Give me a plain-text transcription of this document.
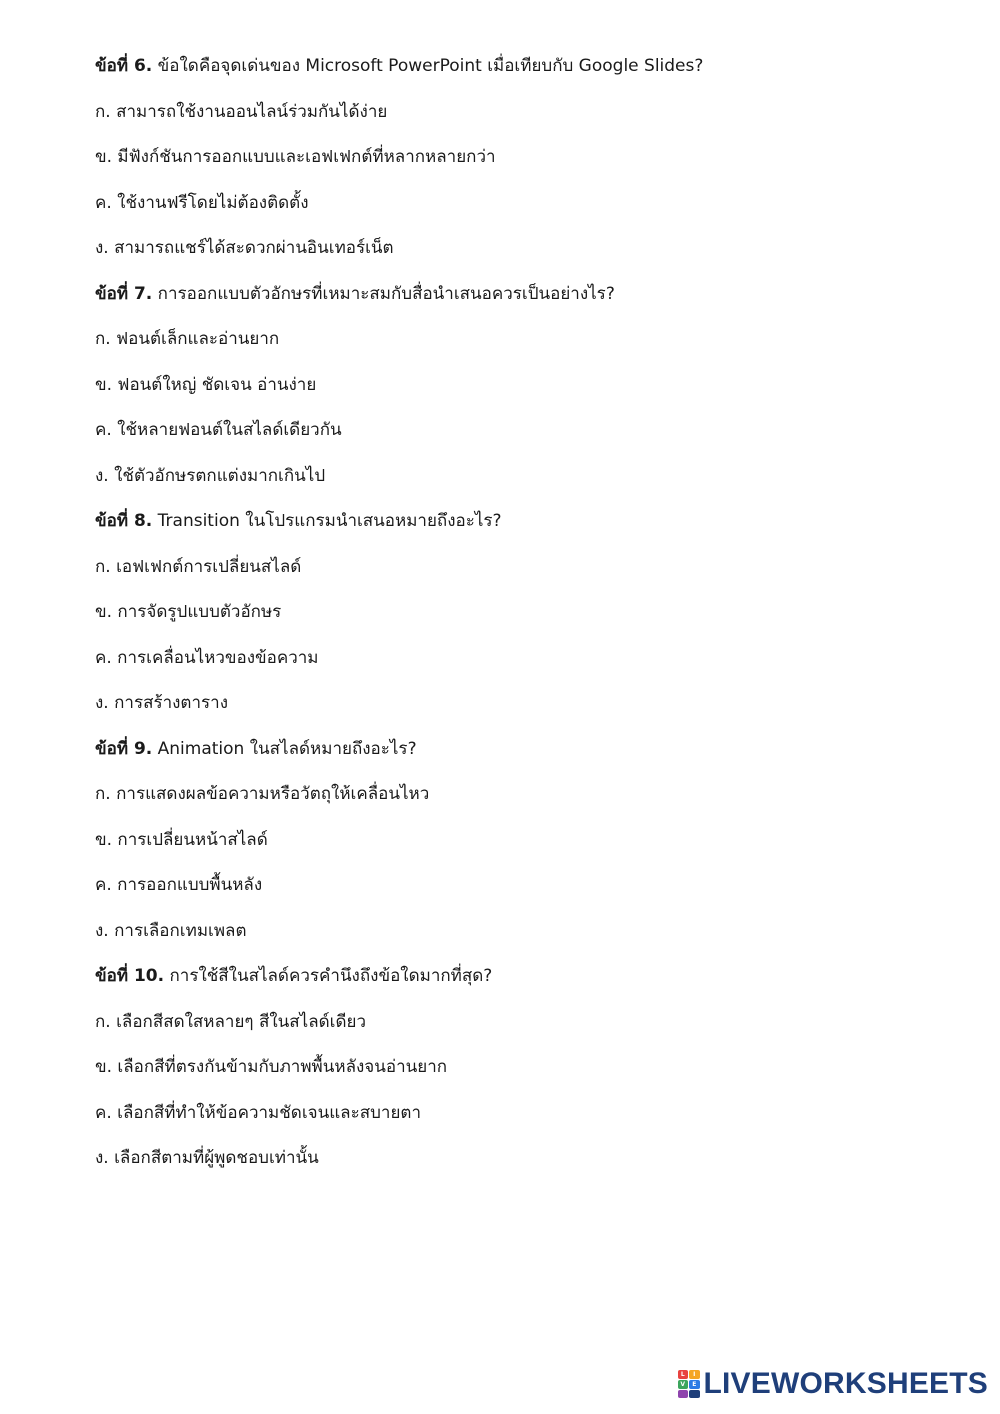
ข้อที่ 6. ข้อใดคือจุดเด่นของ Microsoft PowerPoint เมื่อเทียบกับ Google Slides?
ก. สามารถใช้งานออนไลน์ร่วมกันได้ง่าย
ข. มีฟังก์ชันการออกแบบและเอฟเฟกต์ที่หลากหลายกว่า
ค. ใช้งานฟรีโดยไม่ต้องติดตั้ง
ง. สามารถแชร์ได้สะดวกผ่านอินเทอร์เน็ต
ข้อที่ 7. การออกแบบตัวอักษรที่เหมาะสมกับสื่อนำเสนอควรเป็นอย่างไร?
ก. ฟอนต์เล็กและอ่านยาก
ข. ฟอนต์ใหญ่ ชัดเจน อ่านง่าย
ค. ใช้หลายฟอนต์ในสไลด์เดียวกัน
ง. ใช้ตัวอักษรตกแต่งมากเกินไป
ข้อที่ 8. Transition ในโปรแกรมนำเสนอหมายถึงอะไร?
ก. เอฟเฟกต์การเปลี่ยนสไลด์
ข. การจัดรูปแบบตัวอักษร
ค. การเคลื่อนไหวของข้อความ
ง. การสร้างตาราง
ข้อที่ 9. Animation ในสไลด์หมายถึงอะไร?
ก. การแสดงผลข้อความหรือวัตถุให้เคลื่อนไหว
ข. การเปลี่ยนหน้าสไลด์
ค. การออกแบบพื้นหลัง
ง. การเลือกเทมเพลต
ข้อที่ 10. การใช้สีในสไลด์ควรคำนึงถึงข้อใดมากที่สุด?
ก. เลือกสีสดใสหลายๆ สีในสไลด์เดียว
ข. เลือกสีที่ตรงกันข้ามกับภาพพื้นหลังจนอ่านยาก
ค. เลือกสีที่ทำให้ข้อความชัดเจนและสบายตา
ง. เลือกสีตามที่ผู้พูดชอบเท่านั้น
L	I
V	E LIVEWORKSHEETS
